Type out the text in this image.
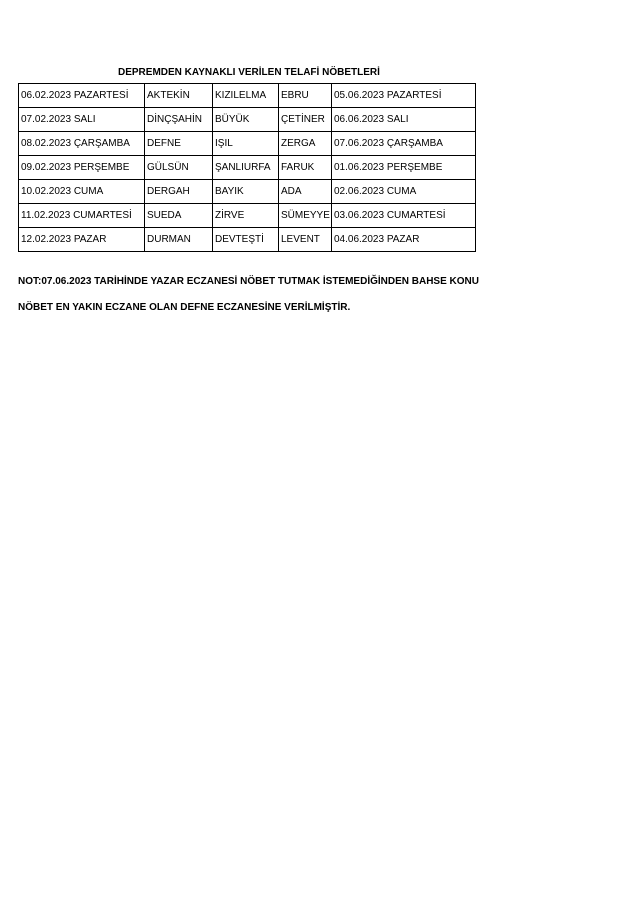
DEPREMDEN KAYNAKLI VERİLEN TELAFİ NÖBETLERİ
06.02.2023 PAZARTESİ	AKTEKİN	KIZILELMA	EBRU	05.06.2023 PAZARTESİ
07.02.2023 SALI	DİNÇŞAHİN	BÜYÜK	ÇETİNER	06.06.2023 SALI
08.02.2023 ÇARŞAMBA	DEFNE	IŞIL	ZERGA	07.06.2023 ÇARŞAMBA
09.02.2023 PERŞEMBE	GÜLSÜN	ŞANLIURFA	FARUK	01.06.2023 PERŞEMBE
10.02.2023 CUMA	DERGAH	BAYIK	ADA	02.06.2023 CUMA
11.02.2023 CUMARTESİ	SUEDA	ZİRVE	SÜMEYYE	03.06.2023 CUMARTESİ
12.02.2023 PAZAR	DURMAN	DEVTEŞTİ	LEVENT	04.06.2023 PAZAR
NOT:07.06.2023 TARİHİNDE YAZAR ECZANESİ NÖBET TUTMAK İSTEMEDİĞİNDEN BAHSE KONU
NÖBET EN YAKIN ECZANE OLAN DEFNE ECZANESİNE VERİLMİŞTİR.
